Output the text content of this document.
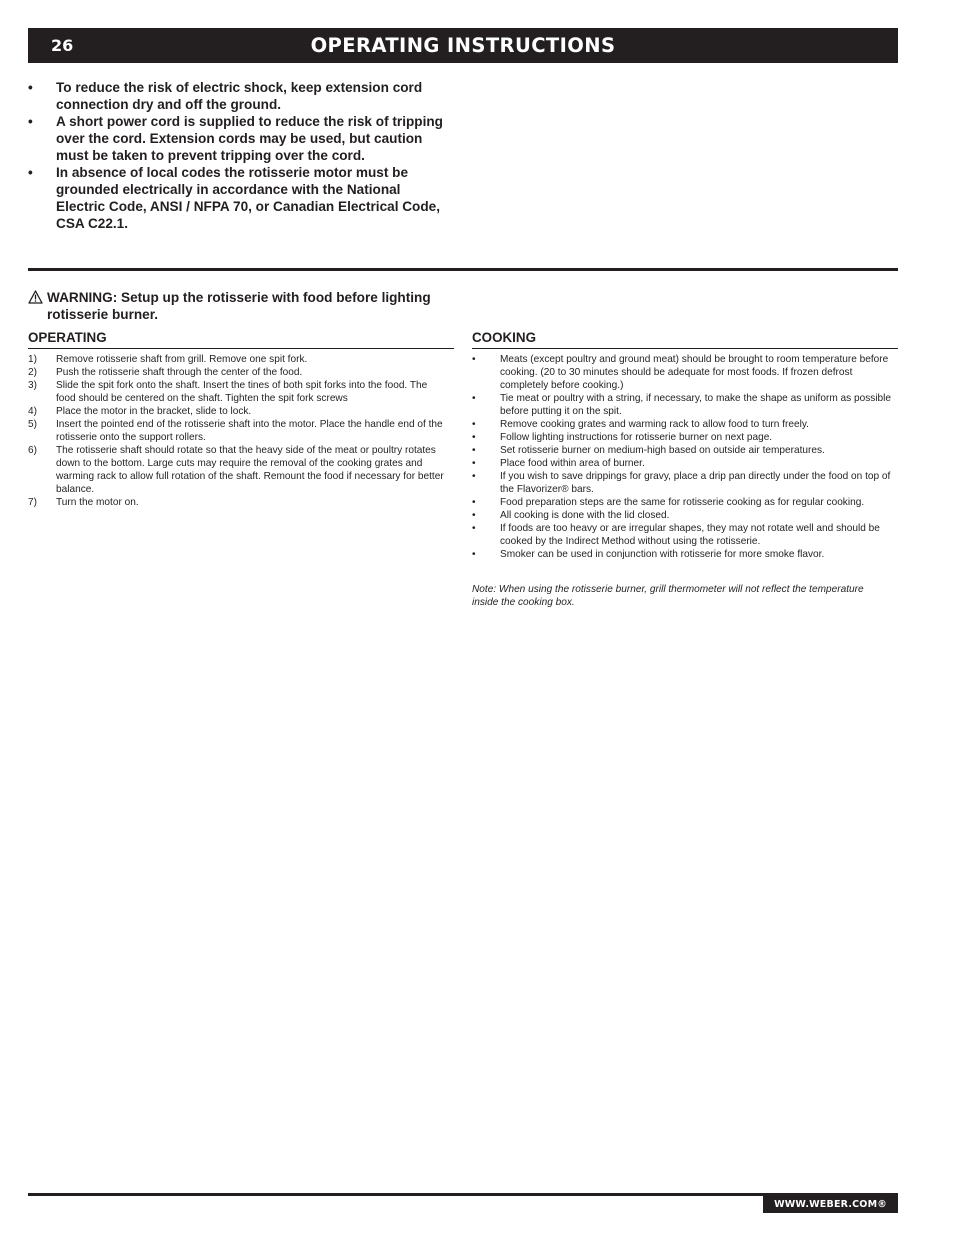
26	OPERATING INSTRUCTIONS
• To reduce the risk of electric shock, keep extension cord connection dry and off the ground.
• A short power cord is supplied to reduce the risk of tripping over the cord. Extension cords may be used, but caution must be taken to prevent tripping over the cord.
• In absence of local codes the rotisserie motor must be grounded electrically in accordance with the National Electric Code, ANSI / NFPA 70, or Canadian Electrical Code, CSA C22.1.
WARNING: Setup up the rotisserie with food before lighting rotisserie burner.
OPERATING
1) Remove rotisserie shaft from grill. Remove one spit fork.
2) Push the rotisserie shaft through the center of the food.
3) Slide the spit fork onto the shaft. Insert the tines of both spit forks into the food. The food should be centered on the shaft. Tighten the spit fork screws
4) Place the motor in the bracket, slide to lock.
5) Insert the pointed end of the rotisserie shaft into the motor. Place the handle end of the rotisserie onto the support rollers.
6) The rotisserie shaft should rotate so that the heavy side of the meat or poultry rotates down to the bottom. Large cuts may require the removal of the cooking grates and warming rack to allow full rotation of the shaft. Remount the food if necessary for better balance.
7) Turn the motor on.
COOKING
• Meats (except poultry and ground meat) should be brought to room temperature before cooking. (20 to 30 minutes should be adequate for most foods. If frozen defrost completely before cooking.)
• Tie meat or poultry with a string, if necessary, to make the shape as uniform as possible before putting it on the spit.
• Remove cooking grates and warming rack to allow food to turn freely.
• Follow lighting instructions for rotisserie burner on next page.
• Set rotisserie burner on medium-high based on outside air temperatures.
• Place food within area of burner.
• If you wish to save drippings for gravy, place a drip pan directly under the food on top of the Flavorizer® bars.
• Food preparation steps are the same for rotisserie cooking as for regular cooking.
• All cooking is done with the lid closed.
• If foods are too heavy or are irregular shapes, they may not rotate well and should be cooked by the Indirect Method without using the rotisserie.
• Smoker can be used in conjunction with rotisserie for more smoke flavor.
Note: When using the rotisserie burner, grill thermometer will not reflect the temperature inside the cooking box.
WWW.WEBER.COM®
